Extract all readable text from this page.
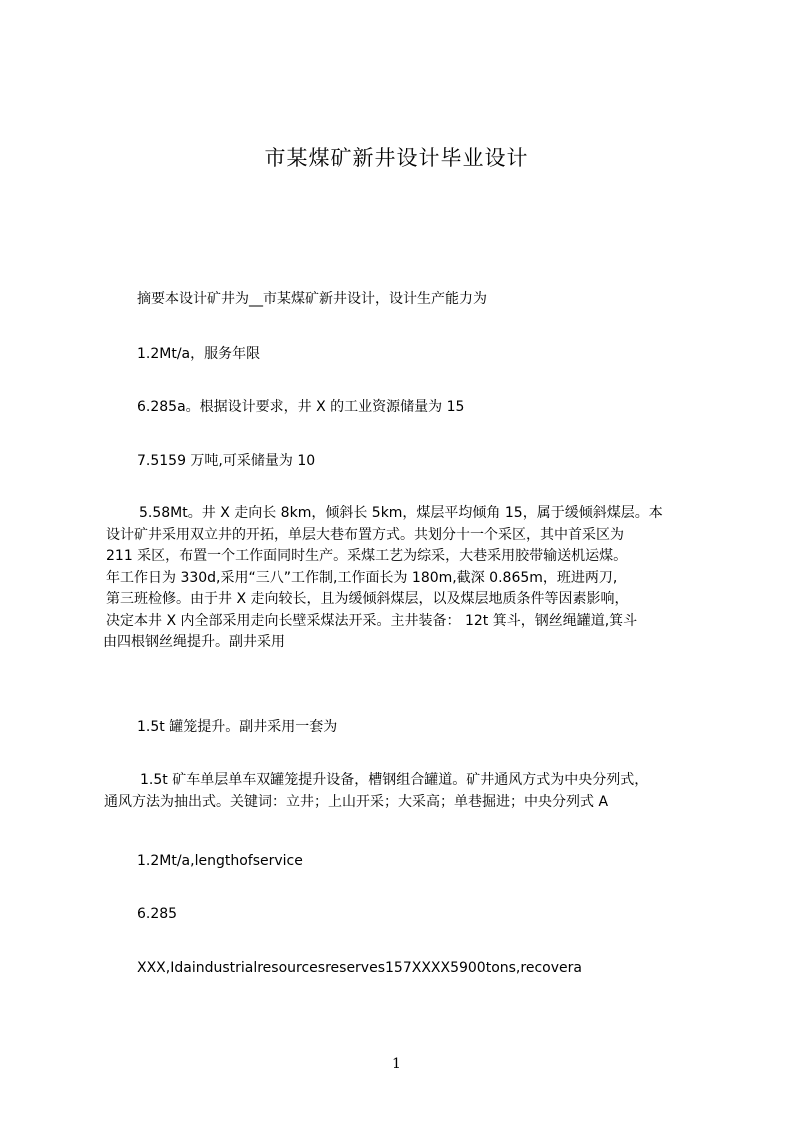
市某煤矿新井设计毕业设计
摘要本设计矿井为__市某煤矿新井设计，设计生产能力为
1.2Mt/a，服务年限
6.285a。根据设计要求，井 X 的工业资源储量为 15
7.5159 万吨,可采储量为 10
5.58Mt。井 X 走向长 8km，倾斜长 5km，煤层平均倾角 15，属于缓倾斜煤层。本
设计矿井采用双立井的开拓，单层大巷布置方式。共划分十一个采区，其中首采区为
211 采区，布置一个工作面同时生产。采煤工艺为综采，大巷采用胶带输送机运煤。
年工作日为 330d,采用“三八”工作制,工作面长为 180m,截深 0.865m，班进两刀,
第三班检修。由于井 X 走向较长，且为缓倾斜煤层，以及煤层地质条件等因素影响，
决定本井 X 内全部采用走向长壁采煤法开采。主井装备： 12t 箕斗，钢丝绳罐道,箕斗
由四根钢丝绳提升。副井采用
1.5t 罐笼提升。副井采用一套为
1.5t 矿车单层单车双罐笼提升设备，槽钢组合罐道。矿井通风方式为中央分列式，
通风方法为抽出式。关键词：立井；上山开采；大采高；单巷掘进；中央分列式 A
1.2Mt/a,lengthofservice
6.285
XXX,Idaindustrialresourcesreserves157XXXX5900tons,recovera
1
